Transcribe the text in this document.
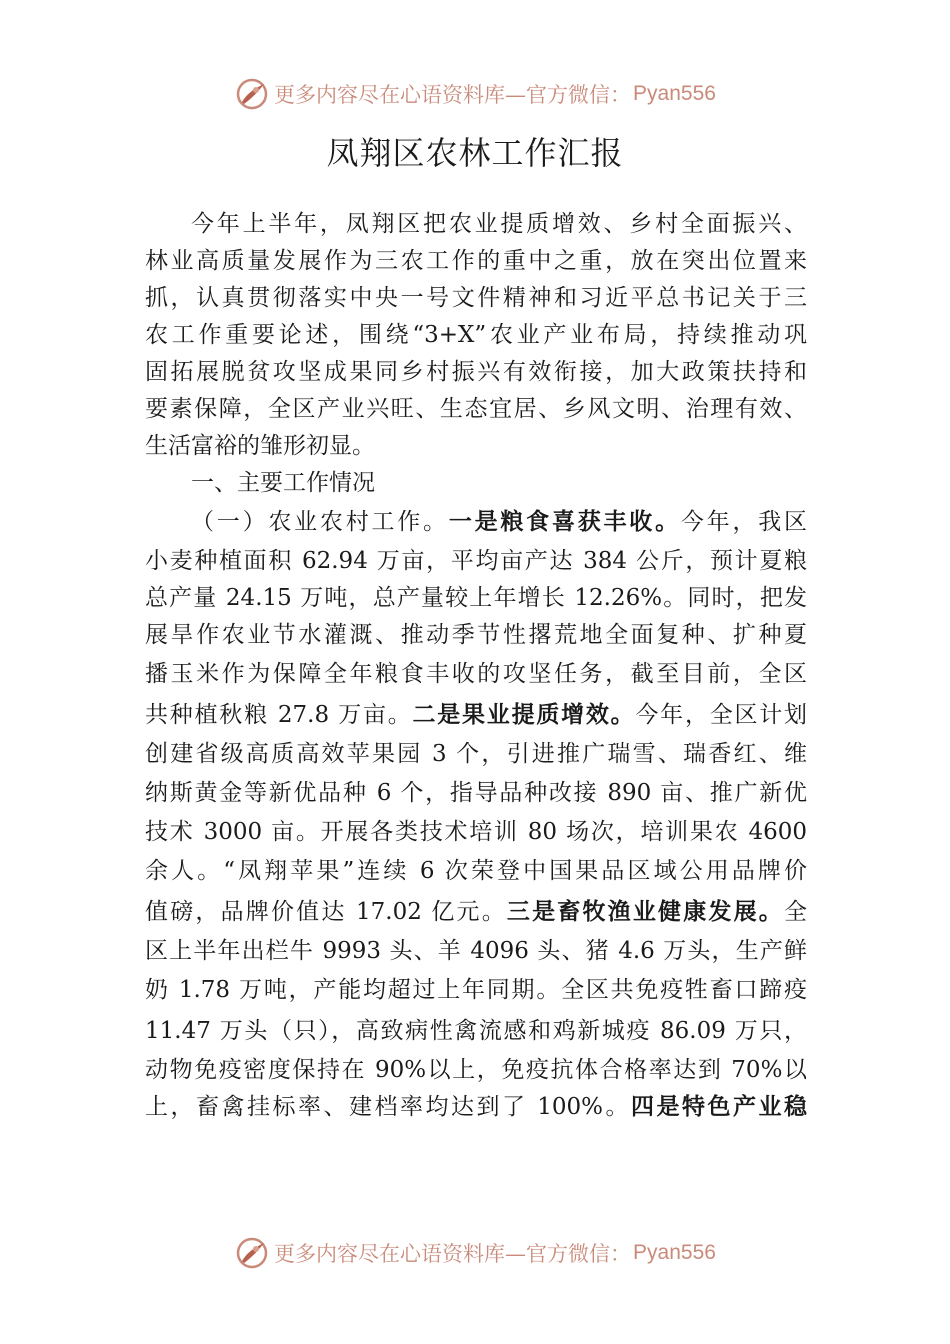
更多内容尽在心语资料库—官方微信： Pyan556
凤翔区农林工作汇报

今年上半年，凤翔区把农业提质增效、乡村全面振兴、

林业高质量发展作为三农工作的重中之重，放在突出位置来

抓，认真贯彻落实中央一号文件精神和习近平总书记关于三

农工作重要论述，围绕“3+X”农业产业布局，持续推动巩

固拓展脱贫攻坚成果同乡村振兴有效衔接，加大政策扶持和

要素保障，全区产业兴旺、生态宜居、乡风文明、治理有效、

生活富裕的雏形初显。

一、主要工作情况

（一）农业农村工作。一是粮食喜获丰收。今年，我区

小麦种植面积 62.94 万亩，平均亩产达 384 公斤，预计夏粮

总产量 24.15 万吨，总产量较上年增长 12.26%。同时，把发

展旱作农业节水灌溉、推动季节性撂荒地全面复种、扩种夏

播玉米作为保障全年粮食丰收的攻坚任务，截至目前，全区

共种植秋粮 27.8 万亩。二是果业提质增效。今年，全区计划

创建省级高质高效苹果园 3 个，引进推广瑞雪、瑞香红、维

纳斯黄金等新优品种 6 个，指导品种改接 890 亩、推广新优

技术 3000 亩。开展各类技术培训 80 场次，培训果农 4600

余人。“凤翔苹果”连续 6 次荣登中国果品区域公用品牌价

值磅，品牌价值达 17.02 亿元。三是畜牧渔业健康发展。全

区上半年出栏牛 9993 头、羊 4096 头、猪 4.6 万头，生产鲜

奶 1.78 万吨，产能均超过上年同期。全区共免疫牲畜口蹄疫

11.47 万头（只），高致病性禽流感和鸡新城疫 86.09 万只，

动物免疫密度保持在 90%以上，免疫抗体合格率达到 70%以

上，畜禽挂标率、建档率均达到了 100%。四是特色产业稳

更多内容尽在心语资料库—官方微信： Pyan556
